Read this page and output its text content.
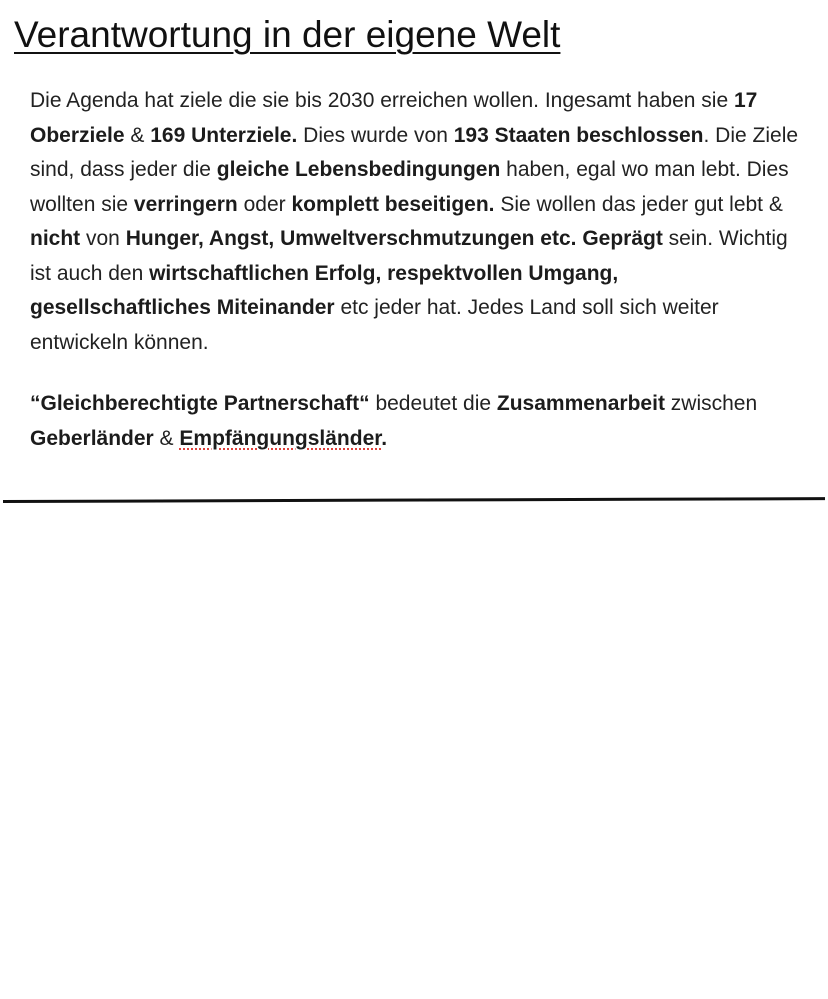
Verantwortung in der eigene Welt

Die Agenda hat ziele die sie bis 2030 erreichen wollen. Ingesamt haben sie 17 Oberziele & 169 Unterziele. Dies wurde von 193 Staaten beschlossen. Die Ziele sind, dass jeder die gleiche Lebensbedingungen haben, egal wo man lebt. Dies wollten sie verringern oder komplett beseitigen. Sie wollen das jeder gut lebt & nicht von Hunger, Angst, Umweltverschmutzungen etc. Geprägt sein. Wichtig ist auch den wirtschaftlichen Erfolg, respektvollen Umgang, gesellschaftliches Miteinander etc jeder hat. Jedes Land soll sich weiter entwickeln können.

“Gleichberechtigte Partnerschaft“ bedeutet die Zusammenarbeit zwischen Geberländer & Empfängungsländer.
